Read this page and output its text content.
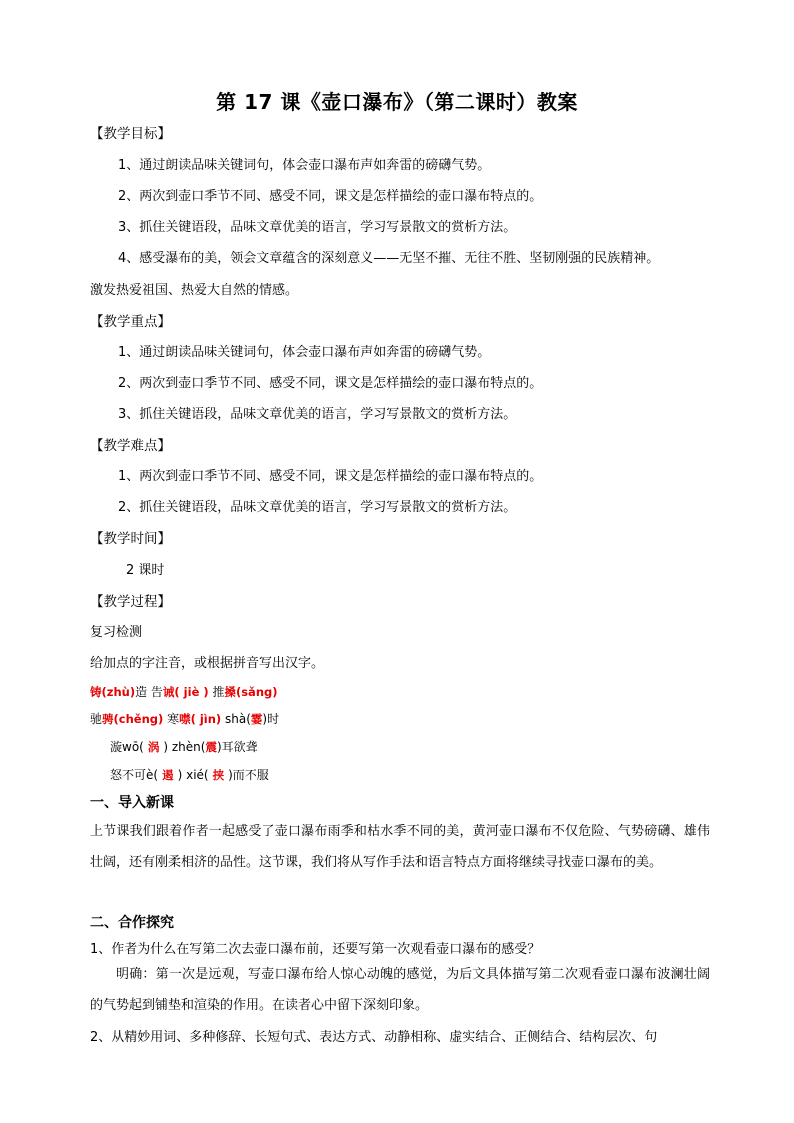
第 17 课《壶口瀑布》（第二课时）教案
【教学目标】
1、通过朗读品味关键词句，体会壶口瀑布声如奔雷的磅礴气势。
2、两次到壶口季节不同、感受不同，课文是怎样描绘的壶口瀑布特点的。
3、抓住关键语段，品味文章优美的语言，学习写景散文的赏析方法。
4、感受瀑布的美，领会文章蕴含的深刻意义——无坚不摧、无往不胜、坚韧刚强的民族精神。
激发热爱祖国、热爱大自然的情感。
【教学重点】
1、通过朗读品味关键词句，体会壶口瀑布声如奔雷的磅礴气势。
2、两次到壶口季节不同、感受不同，课文是怎样描绘的壶口瀑布特点的。
3、抓住关键语段，品味文章优美的语言，学习写景散文的赏析方法。
【教学难点】
1、两次到壶口季节不同、感受不同，课文是怎样描绘的壶口瀑布特点的。
2、抓住关键语段，品味文章优美的语言，学习写景散文的赏析方法。
【教学时间】
2 课时
【教学过程】
复习检测
给加点的字注音，或根据拼音写出汉字。
铸(zhù)造 告诫( jiè ) 推搡(sǎng)
驰骋(chěng) 寒噤( jìn) shà(霎)时
漩wō( 涡 ) zhèn(震)耳欲聋
怒不可è( 遏 ) xié( 挟 )而不服
一、导入新课
上节课我们跟着作者一起感受了壶口瀑布雨季和枯水季不同的美，黄河壶口瀑布不仅危险、气势磅礴、雄伟壮阔，还有刚柔相济的品性。这节课，我们将从写作手法和语言特点方面将继续寻找壶口瀑布的美。
二、合作探究
1、作者为什么在写第二次去壶口瀑布前，还要写第一次观看壶口瀑布的感受？
明确：第一次是远观，写壶口瀑布给人惊心动魄的感觉，为后文具体描写第二次观看壶口瀑布波澜壮阔的气势起到铺垫和渲染的作用。在读者心中留下深刻印象。
2、从精妙用词、多种修辞、长短句式、表达方式、动静相称、虚实结合、正侧结合、结构层次、句
